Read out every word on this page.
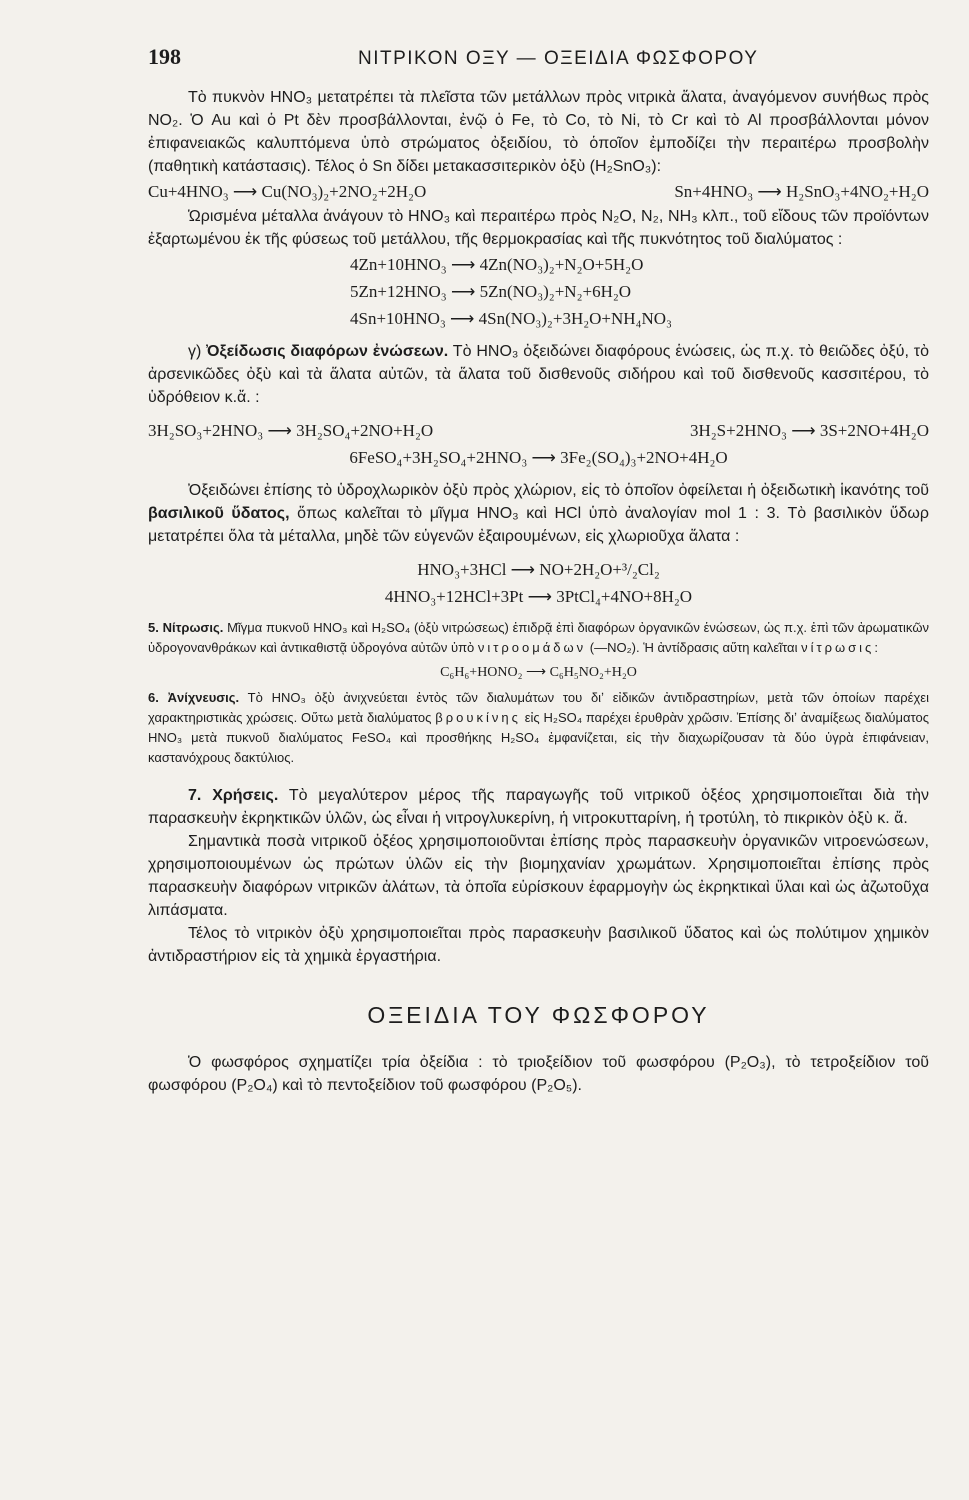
198	ΝΙΤΡΙΚΟΝ ΟΞΥ — ΟΞΕΙΔΙΑ ΦΩΣΦΟΡΟΥ

Τὸ πυκνὸν HNO₃ μετατρέπει τὰ πλεῖστα τῶν μετάλλων πρὸς νιτρικὰ ἅλατα, ἀναγόμενον συνήθως πρὸς NO₂. Ὁ Au καὶ ὁ Pt δὲν προσβάλλονται, ἐνῷ ὁ Fe, τὸ Co, τὸ Ni, τὸ Cr καὶ τὸ Al προσβάλλονται μόνον ἐπιφανειακῶς καλυπτόμενα ὑπὸ στρώματος ὀξειδίου, τὸ ὁποῖον ἐμποδίζει τὴν περαιτέρω προσβολὴν (παθητικὴ κατάστασις). Τέλος ὁ Sn δίδει μετακασσιτερικὸν ὀξὺ (H₂SnO₃):

Cu+4HNO₃ ⟶ Cu(NO₃)₂+2NO₂+2H₂O	Sn+4HNO₃ ⟶ H₂SnO₃+4NO₂+H₂O

Ὡρισμένα μέταλλα ἀνάγουν τὸ HNO₃ καὶ περαιτέρω πρὸς N₂O, N₂, NH₃ κλπ., τοῦ εἴδους τῶν προϊόντων ἐξαρτωμένου ἐκ τῆς φύσεως τοῦ μετάλλου, τῆς θερμοκρασίας καὶ τῆς πυκνότητος τοῦ διαλύματος :

4Zn+10HNO₃ ⟶ 4Zn(NO₃)₂+N₂O+5H₂O
5Zn+12HNO₃ ⟶ 5Zn(NO₃)₂+N₂+6H₂O
4Sn+10HNO₃ ⟶ 4Sn(NO₃)₂+3H₂O+NH₄NO₃

γ) Ὀξείδωσις διαφόρων ἐνώσεων. Τὸ HNO₃ ὀξειδώνει διαφόρους ἑνώσεις, ὡς π.χ. τὸ θειῶδες ὀξύ, τὸ ἀρσενικῶδες ὀξὺ καὶ τὰ ἅλατα αὐτῶν, τὰ ἅλατα τοῦ δισθενοῦς σιδήρου καὶ τοῦ δισθενοῦς κασσιτέρου, τὸ ὑδρόθειον κ.ἄ. :

3H₂SO₃+2HNO₃ ⟶ 3H₂SO₄+2NO+H₂O	3H₂S+2HNO₃ ⟶ 3S+2NO+4H₂O
6FeSO₄+3H₂SO₄+2HNO₃ ⟶ 3Fe₂(SO₄)₃+2NO+4H₂O

Ὀξειδώνει ἐπίσης τὸ ὑδροχλωρικὸν ὀξὺ πρὸς χλώριον, εἰς τὸ ὁποῖον ὀφείλεται ἡ ὀξειδωτικὴ ἱκανότης τοῦ βασιλικοῦ ὕδατος, ὅπως καλεῖται τὸ μῖγμα HNO₃ καὶ HCl ὑπὸ ἀναλογίαν mol 1 : 3. Τὸ βασιλικὸν ὕδωρ μετατρέπει ὅλα τὰ μέταλλα, μηδὲ τῶν εὐγενῶν ἐξαιρουμένων, εἰς χλωριοῦχα ἅλατα :

HNO₃+3HCl ⟶ NO+2H₂O+³/₂Cl₂
4HNO₃+12HCl+3Pt ⟶ 3PtCl₄+4NO+8H₂O

5. Νίτρωσις. Μῖγμα πυκνοῦ HNO₃ καὶ H₂SO₄ (ὀξὺ νιτρώσεως) ἐπιδρᾷ ἐπὶ διαφόρων ὀργανικῶν ἑνώσεων, ὡς π.χ. ἐπὶ τῶν ἀρωματικῶν ὑδρογονανθράκων καὶ ἀντικαθιστᾷ ὑδρογόνα αὐτῶν ὑπὸ νιτροομάδων (—NO₂). Ἡ ἀντίδρασις αὕτη καλεῖται νίτρωσις:

C₆H₆+HONO₂ ⟶ C₆H₅NO₂+H₂O

6. Ἀνίχνευσις. Τὸ HNO₃ ὀξὺ ἀνιχνεύεται ἐντὸς τῶν διαλυμάτων του διʼ εἰδικῶν ἀντιδραστηρίων, μετὰ τῶν ὁποίων παρέχει χαρακτηριστικὰς χρώσεις. Οὕτω μετὰ διαλύματος βρουκίνης εἰς H₂SO₄ παρέχει ἐρυθρὰν χρῶσιν. Ἐπίσης διʼ ἀναμίξεως διαλύματος HNO₃ μετὰ πυκνοῦ διαλύματος FeSO₄ καὶ προσθήκης H₂SO₄ ἐμφανίζεται, εἰς τὴν διαχωρίζουσαν τὰ δύο ὑγρὰ ἐπιφάνειαν, καστανόχρους δακτύλιος.

7. Χρήσεις. Τὸ μεγαλύτερον μέρος τῆς παραγωγῆς τοῦ νιτρικοῦ ὀξέος χρησιμοποιεῖται διὰ τὴν παρασκευὴν ἐκρηκτικῶν ὑλῶν, ὡς εἶναι ἡ νιτρογλυκερίνη, ἡ νιτροκυτταρίνη, ἡ τροτύλη, τὸ πικρικὸν ὀξὺ κ. ἄ.

Σημαντικὰ ποσὰ νιτρικοῦ ὀξέος χρησιμοποιοῦνται ἐπίσης πρὸς παρασκευὴν ὀργανικῶν νιτροενώσεων, χρησιμοποιουμένων ὡς πρώτων ὑλῶν εἰς τὴν βιομηχανίαν χρωμάτων. Χρησιμοποιεῖται ἐπίσης πρὸς παρασκευὴν διαφόρων νιτρικῶν ἀλάτων, τὰ ὁποῖα εὑρίσκουν ἐφαρμογὴν ὡς ἐκρηκτικαὶ ὕλαι καὶ ὡς ἀζωτοῦχα λιπάσματα.

Τέλος τὸ νιτρικὸν ὀξὺ χρησιμοποιεῖται πρὸς παρασκευὴν βασιλικοῦ ὕδατος καὶ ὡς πολύτιμον χημικὸν ἀντιδραστήριον εἰς τὰ χημικὰ ἐργαστήρια.

ΟΞΕΙΔΙΑ ΤΟΥ ΦΩΣΦΟΡΟΥ

Ὁ φωσφόρος σχηματίζει τρία ὀξείδια : τὸ τριοξείδιον τοῦ φωσφόρου (P₂O₃), τὸ τετροξείδιον τοῦ φωσφόρου (P₂O₄) καὶ τὸ πεντοξείδιον τοῦ φωσφόρου (P₂O₅).
